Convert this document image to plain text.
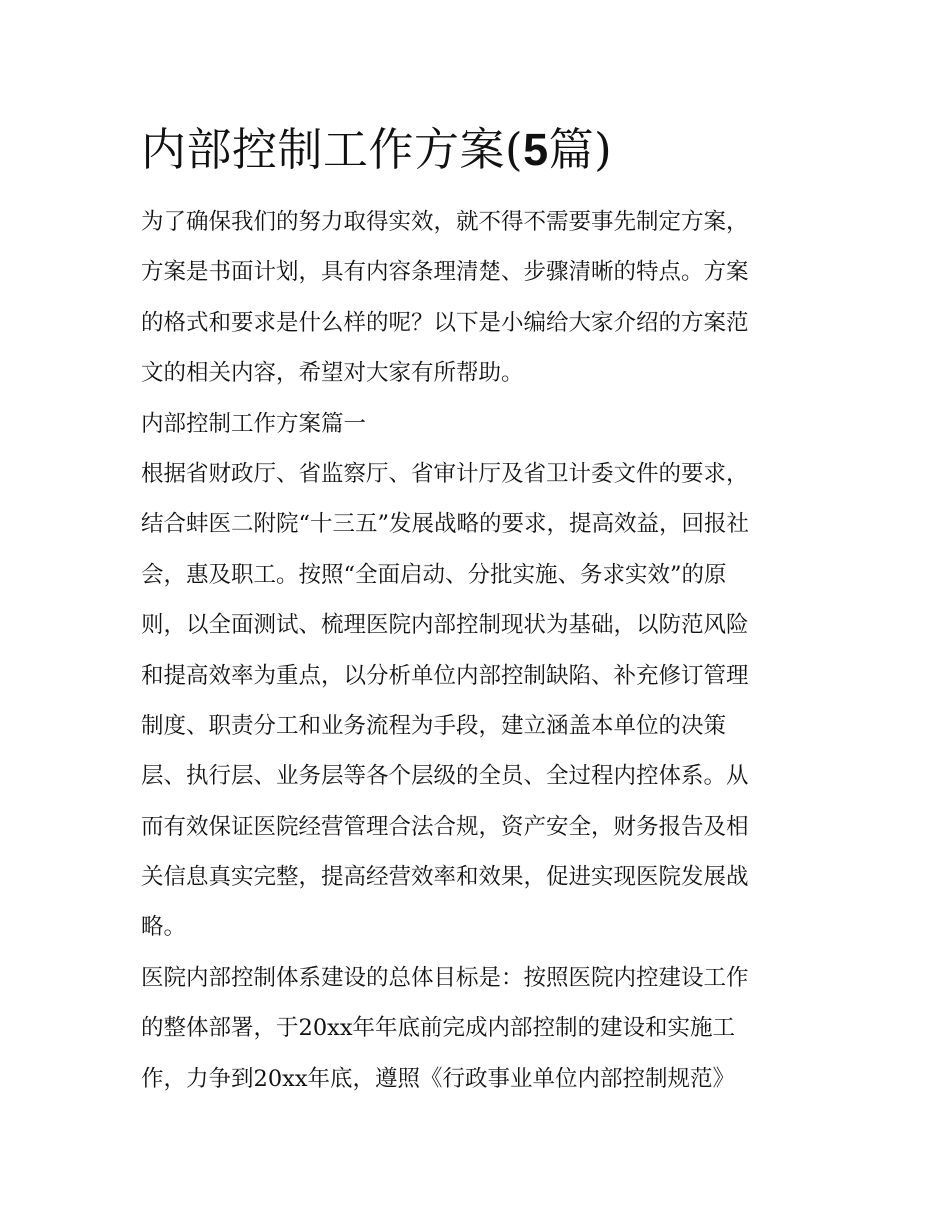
内部控制工作方案(5篇)
为了确保我们的努力取得实效，就不得不需要事先制定方案，
方案是书面计划，具有内容条理清楚、步骤清晰的特点。方案
的格式和要求是什么样的呢？以下是小编给大家介绍的方案范
文的相关内容，希望对大家有所帮助。
内部控制工作方案篇一
根据省财政厅、省监察厅、省审计厅及省卫计委文件的要求，
结合蚌医二附院“十三五”发展战略的要求，提高效益，回报社
会，惠及职工。按照“全面启动、分批实施、务求实效”的原
则，以全面测试、梳理医院内部控制现状为基础，以防范风险
和提高效率为重点，以分析单位内部控制缺陷、补充修订管理
制度、职责分工和业务流程为手段，建立涵盖本单位的决策
层、执行层、业务层等各个层级的全员、全过程内控体系。从
而有效保证医院经营管理合法合规，资产安全，财务报告及相
关信息真实完整，提高经营效率和效果，促进实现医院发展战
略。
医院内部控制体系建设的总体目标是：按照医院内控建设工作
的整体部署，于20xx年年底前完成内部控制的建设和实施工
作，力争到20xx年底，遵照《行政事业单位内部控制规范》
